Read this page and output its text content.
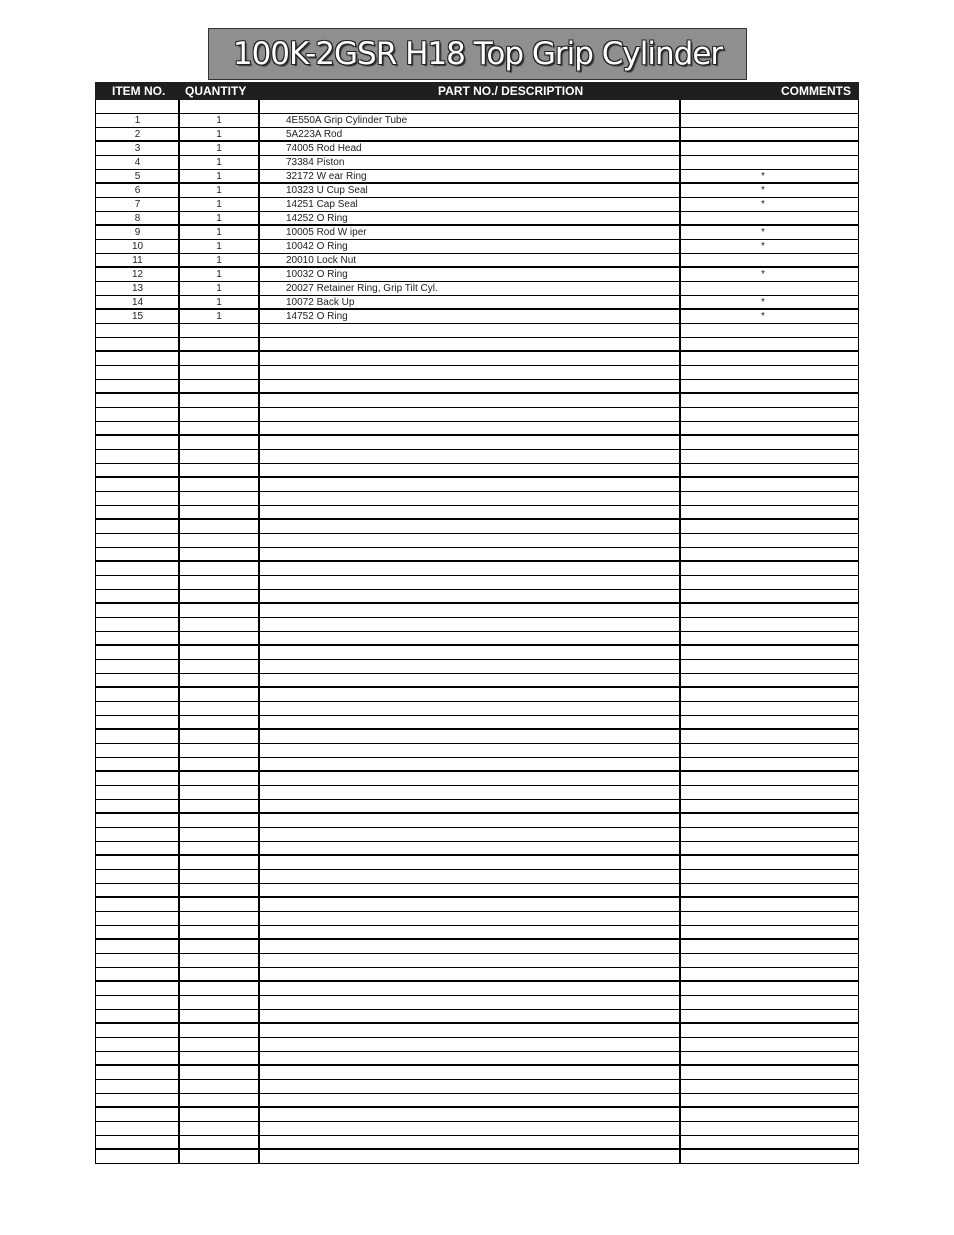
100K-2GSR H18 Top Grip Cylinder
ITEM NO. QUANTITY	PART NO./ DESCRIPTION	COMMENTS
1	1	4E550A Grip Cylinder Tube
2	1	5A223A Rod
3	1	74005 Rod Head
4	1	73384 Piston
5	1	32172 W ear Ring	*
6	1	10323 U Cup Seal	*
7	1	14251 Cap Seal	*
8	1	14252 O Ring
9	1	10005 Rod W iper	*
10	1	10042 O Ring	*
11	1	20010 Lock Nut
12	1	10032 O Ring	*
13	1	20027 Retainer Ring, Grip Tilt Cyl.
14	1	10072 Back Up	*
15	1	14752 O Ring	*
